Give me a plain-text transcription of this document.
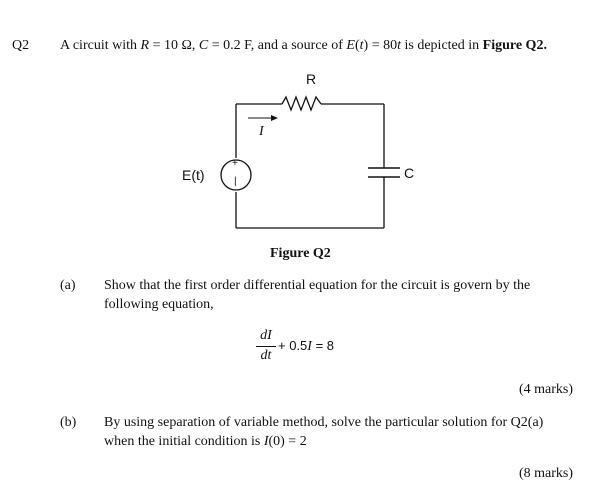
Q2 A circuit with R = 10 Ω, C = 0.2 F, and a source of E(t) = 80t is depicted in Figure Q2.
R
I
E(t)
+
|
C
Figure Q2
(a) Show that the first order differential equation for the circuit is govern by the
following equation,
dI
dt
+ 0.5I = 8
(4 marks)
(b) By using separation of variable method, solve the particular solution for Q2(a)
when the initial condition is I(0) = 2
(8 marks)
